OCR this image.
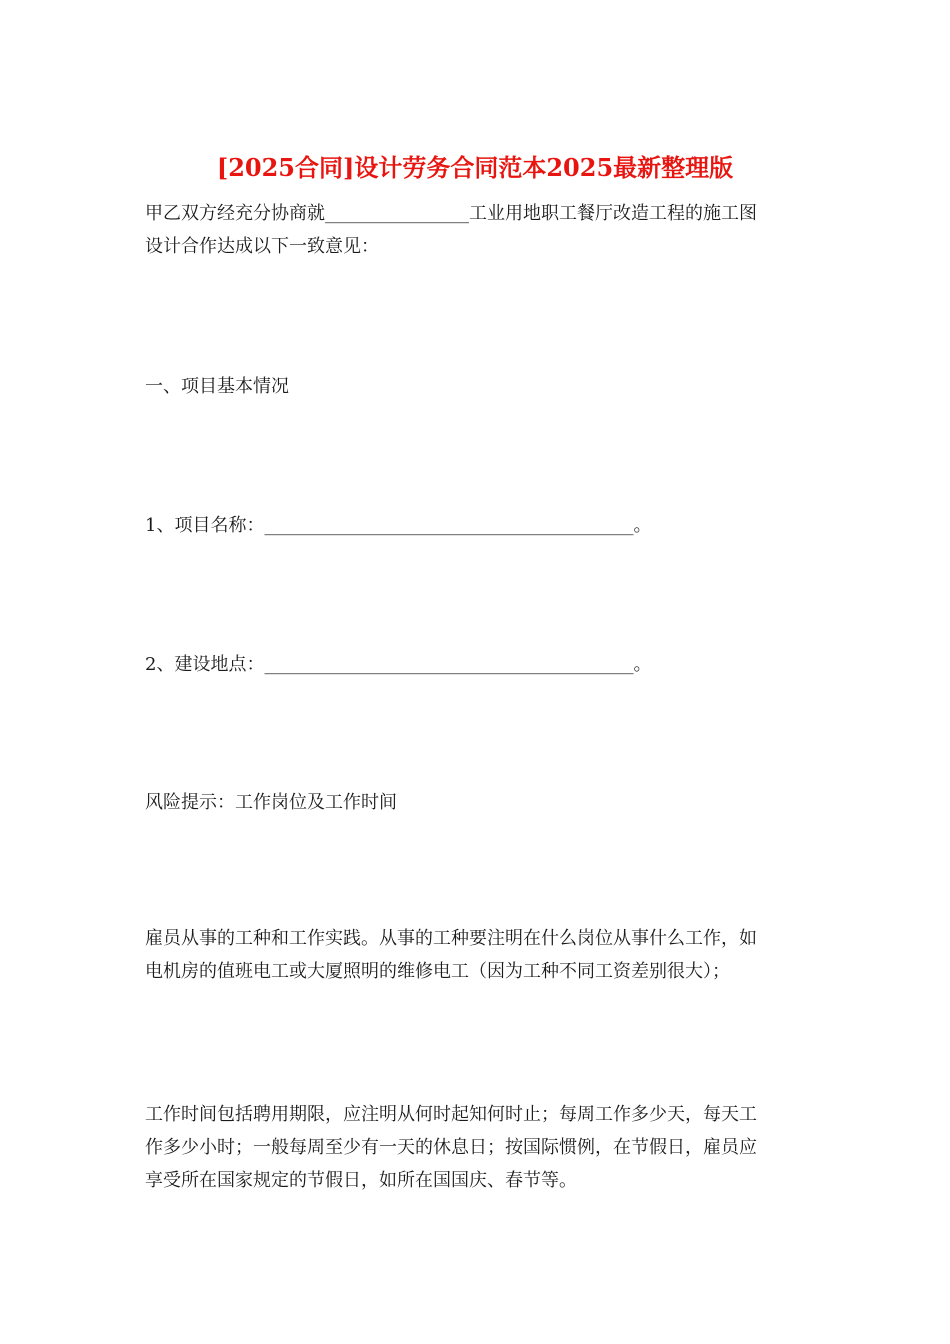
[2025合同]设计劳务合同范本2025最新整理版

甲乙双方经充分协商就________________工业用地职工餐厅改造工程的施工图
设计合作达成以下一致意见：

一、项目基本情况

1、项目名称：_________________________________________。

2、建设地点：_________________________________________。

风险提示：工作岗位及工作时间

雇员从事的工种和工作实践。从事的工种要注明在什么岗位从事什么工作，如
电机房的值班电工或大厦照明的维修电工（因为工种不同工资差别很大）；

工作时间包括聘用期限，应注明从何时起知何时止；每周工作多少天，每天工
作多少小时；一般每周至少有一天的休息日；按国际惯例，在节假日，雇员应
享受所在国家规定的节假日，如所在国国庆、春节等。
